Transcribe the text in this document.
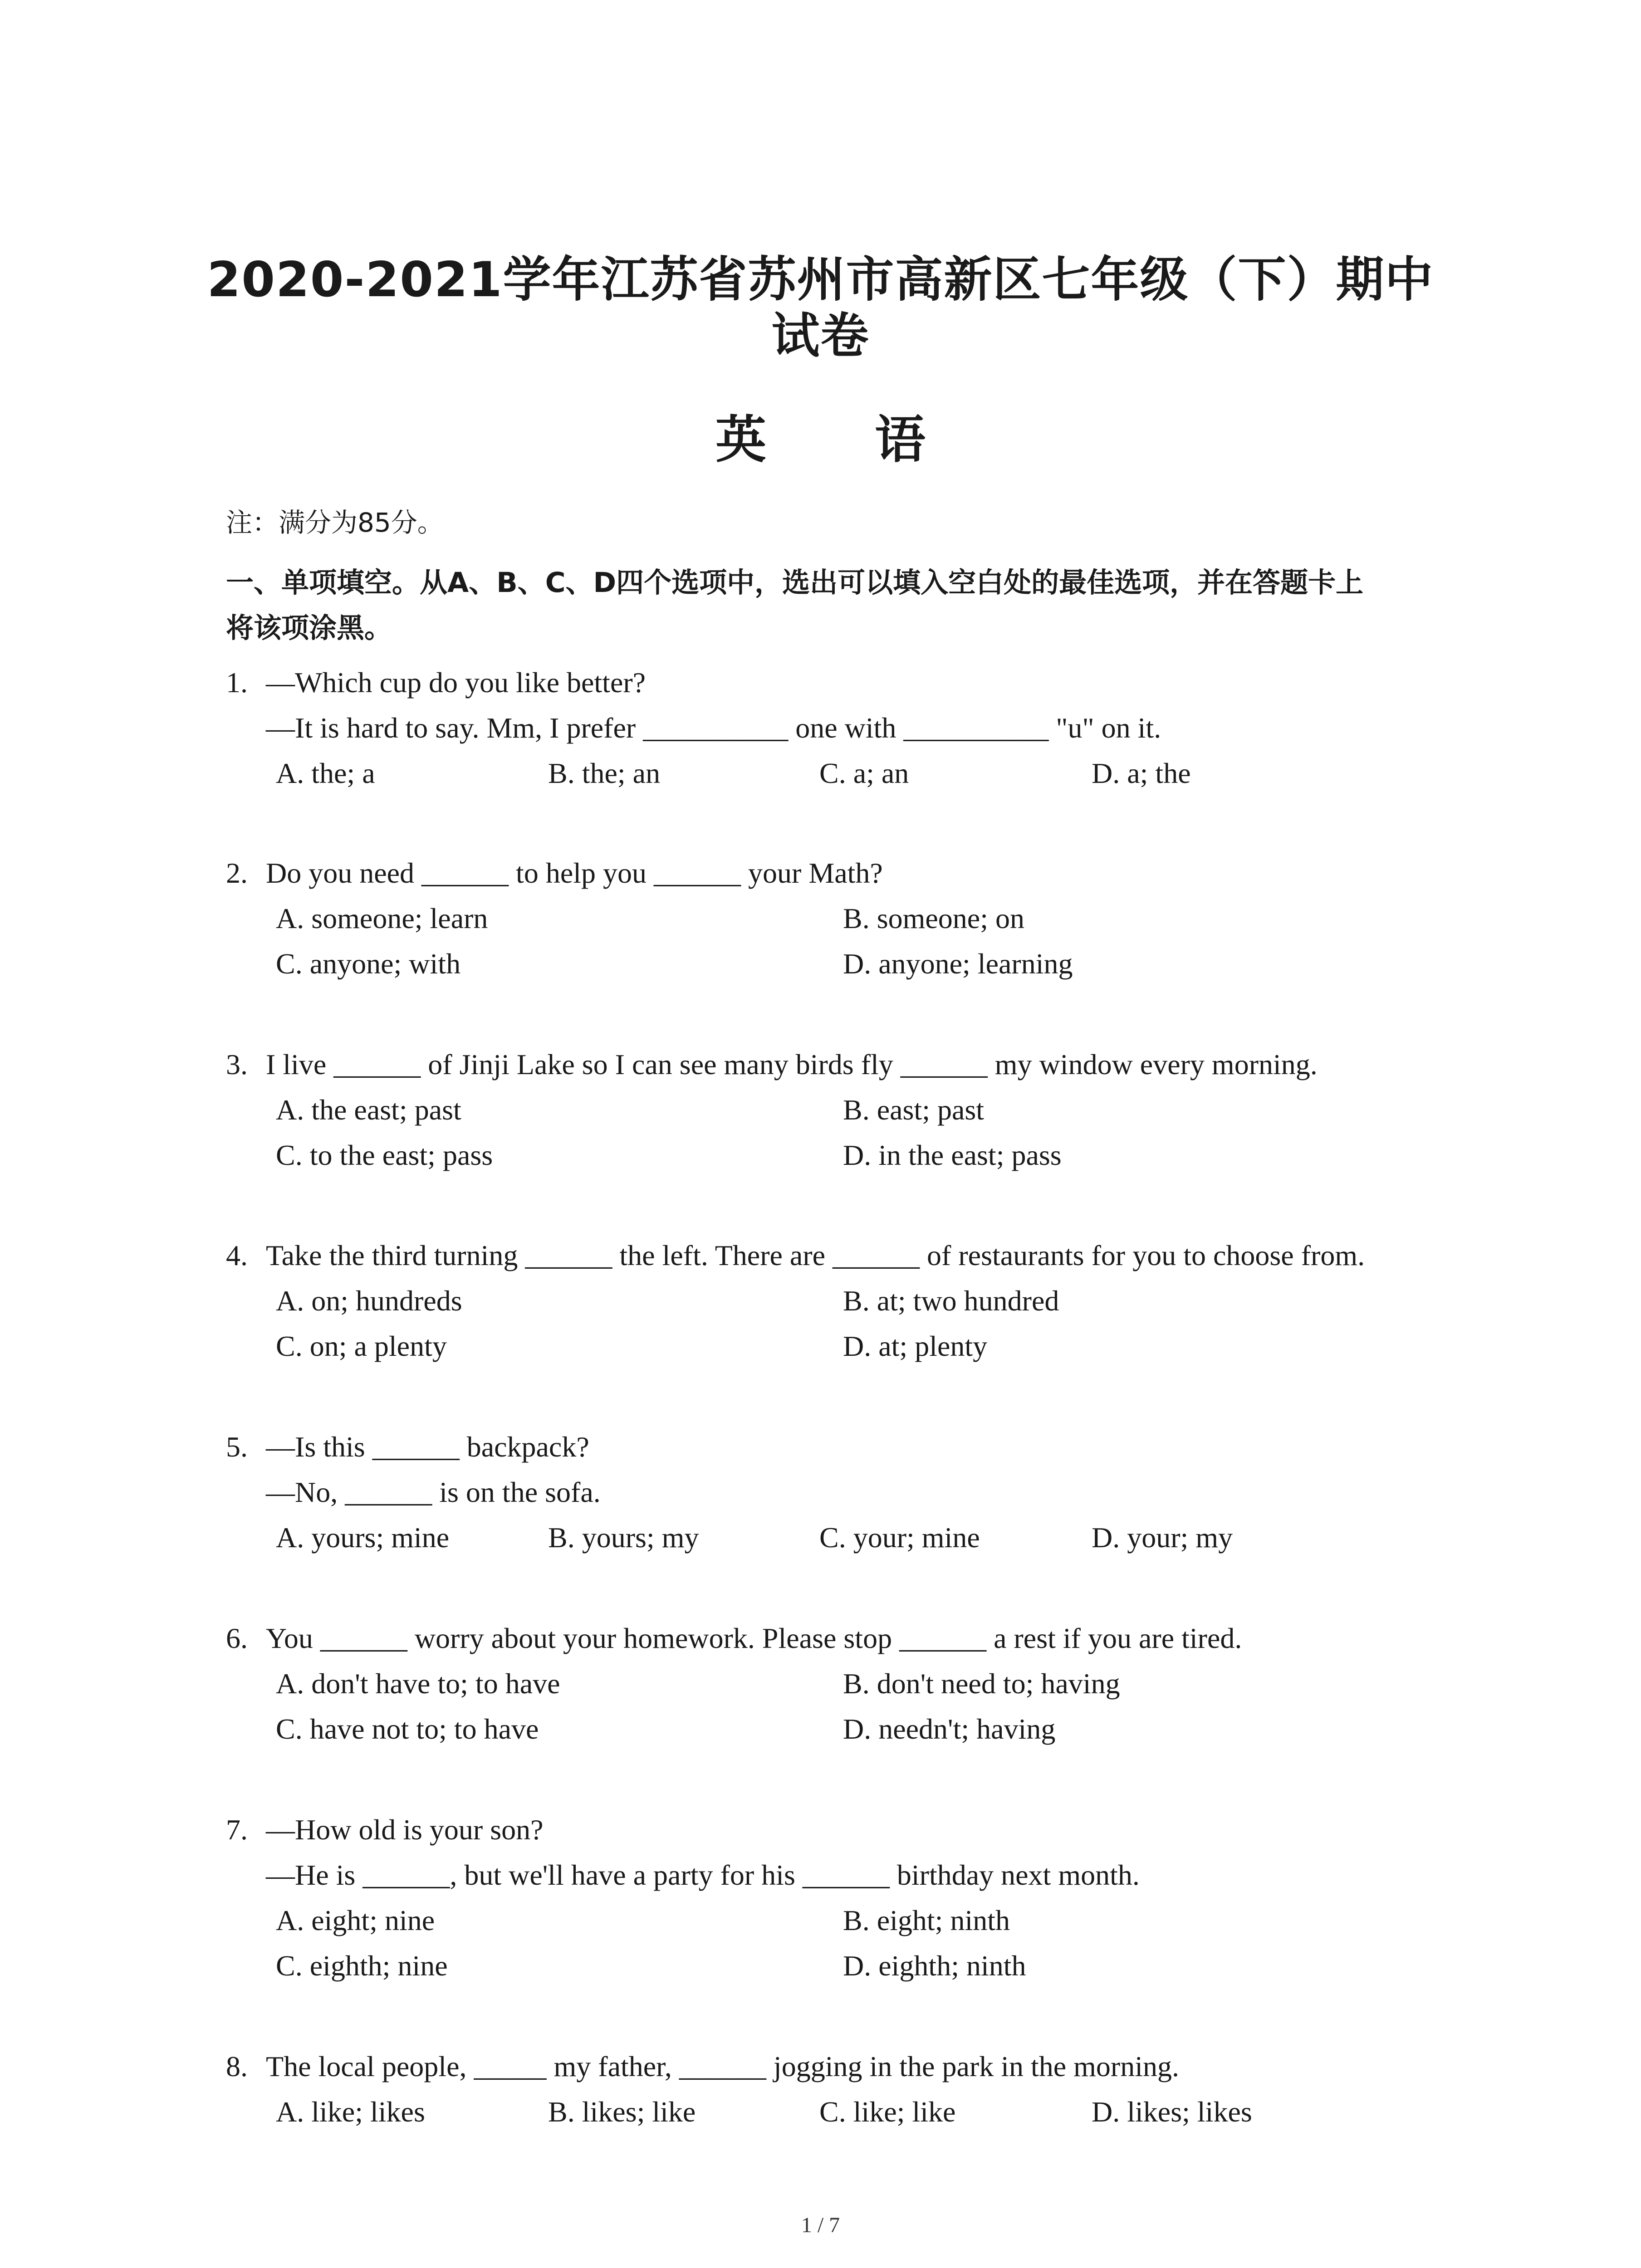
2020-2021学年江苏省苏州市高新区七年级（下）期中
试卷
英 语
注：满分为85分。
一、单项填空。从A、B、C、D四个选项中，选出可以填入空白处的最佳选项，并在答题卡上
将该项涂黑。
1. —Which cup do you like better?
—It is hard to say. Mm, I prefer __________ one with __________ "u" on it.
A. the; a	B. the; an	C. a; an	D. a; the
2. Do you need ______ to help you ______ your Math?
A. someone; learn	B. someone; on
C. anyone; with	D. anyone; learning
3. I live ______ of Jinji Lake so I can see many birds fly ______ my window every morning.
A. the east; past	B. east; past
C. to the east; pass	D. in the east; pass
4. Take the third turning ______ the left. There are ______ of restaurants for you to choose from.
A. on; hundreds	B. at; two hundred
C. on; a plenty	D. at; plenty
5. —Is this ______ backpack?
—No, ______ is on the sofa.
A. yours; mine	B. yours; my	C. your; mine	D. your; my
6. You ______ worry about your homework. Please stop ______ a rest if you are tired.
A. don't have to; to have	B. don't need to; having
C. have not to; to have	D. needn't; having
7. —How old is your son?
—He is ______, but we'll have a party for his ______ birthday next month.
A. eight; nine	B. eight; ninth
C. eighth; nine	D. eighth; ninth
8. The local people, _____ my father, ______ jogging in the park in the morning.
A. like; likes	B. likes; like	C. like; like	D. likes; likes
1 / 7
